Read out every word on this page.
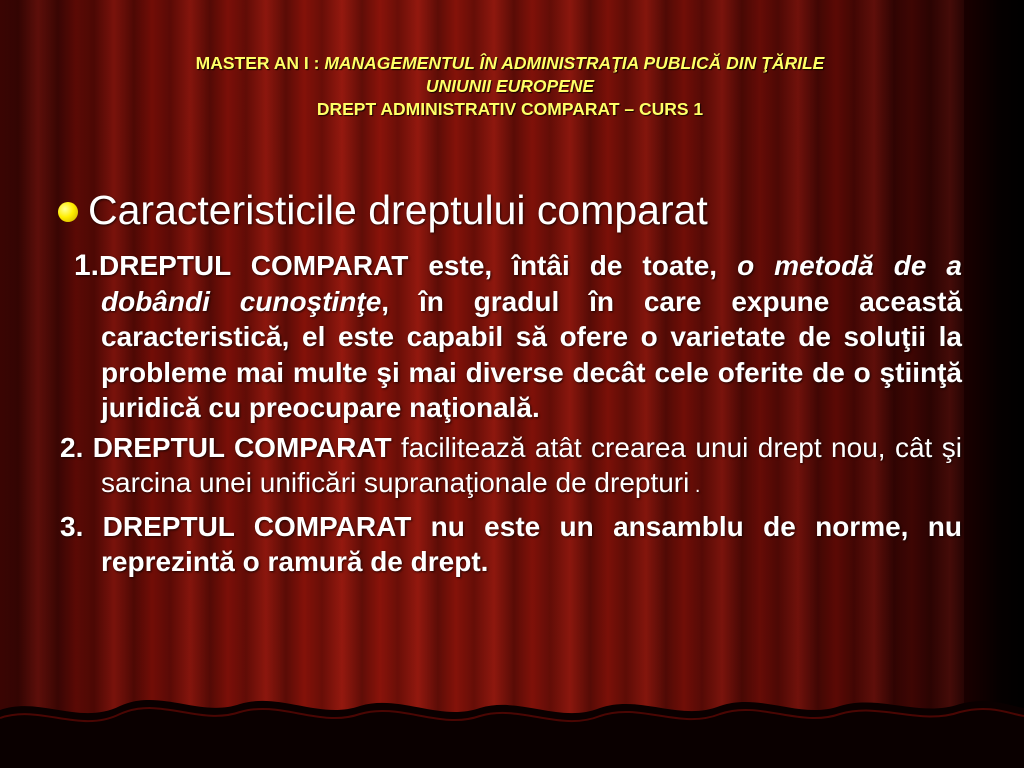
MASTER AN I : MANAGEMENTUL ÎN ADMINISTRAŢIA PUBLICĂ DIN ŢĂRILE
UNIUNII EUROPENE
DREPT ADMINISTRATIV COMPARAT – CURS 1
Caracteristicile dreptului comparat
1.DREPTUL COMPARAT este, întâi de toate, o metodă de a dobândi cunoştinţe, în gradul în care expune această caracteristică, el este capabil să ofere o varietate de soluţii la probleme mai multe şi mai diverse decât cele oferite de o ştiinţă juridică cu preocupare naţională.
2. DREPTUL COMPARAT facilitează atât crearea unui drept nou, cât şi sarcina unei unificări supranaţionale de drepturi .
3. DREPTUL COMPARAT nu este un ansamblu de norme, nu reprezintă o ramură de drept.
